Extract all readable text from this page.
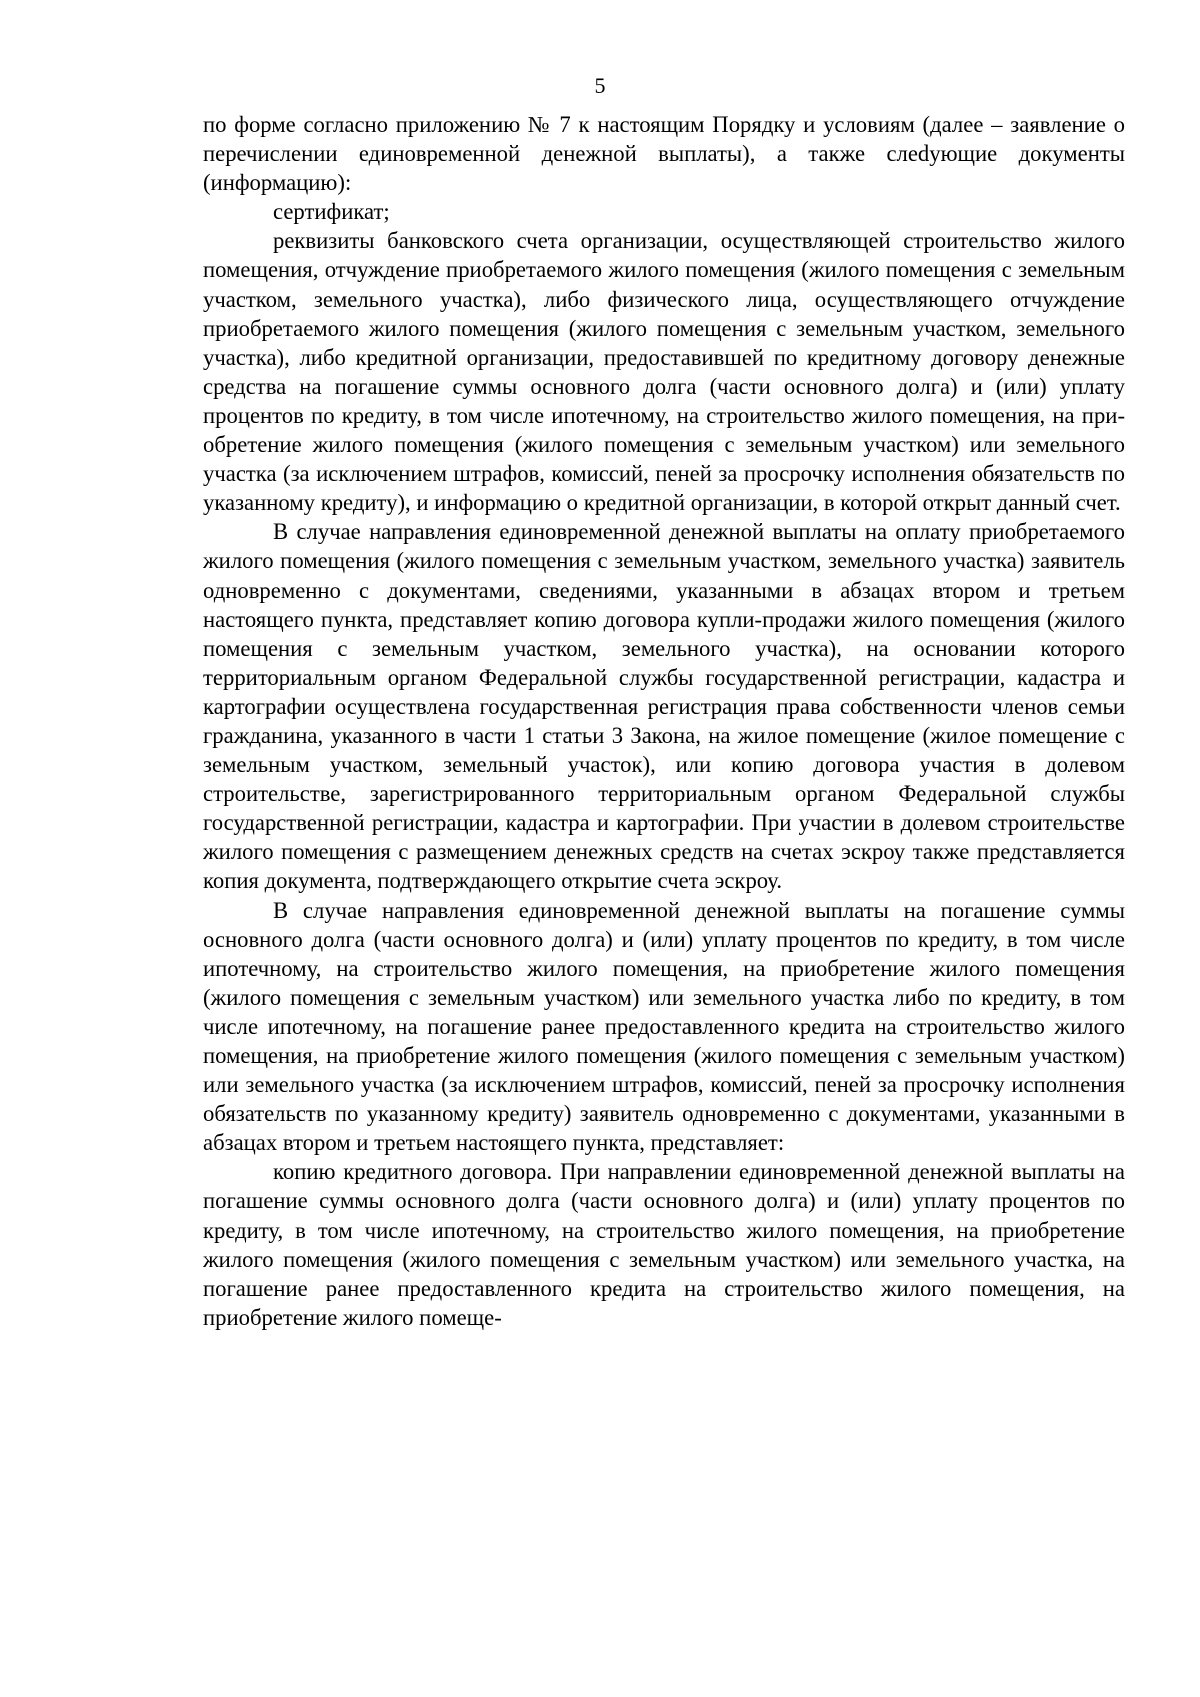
5

по форме согласно приложению № 7 к настоящим Порядку и условиям (далее – заявление о перечислении единовременной денежной выплаты), а также слеdующие документы (информацию):

сертификат;

реквизиты банковского счета организации, осуществляющей строительство жилого помещения, отчуждение приобретаемого жилого помещения (жилого помещения с земельным участком, земельного участка), либо физического лица, осуществляющего отчуждение приобретаемого жилого помещения (жилого помещения с земельным участком, земельного участка), либо кредитной организации, предоставившей по кредитному договору денежные средства на погашение суммы основного долга (части основного долга) и (или) уплату процентов по кредиту, в том числе ипотечному, на строительство жилого помещения, на приобретение жилого помещения (жилого помещения с земельным участком) или земельного участка (за исключением штрафов, комиссий, пеней за просрочку исполнения обязательств по указанному кредиту), и информацию о кредитной организации, в которой открыт данный счет.

В случае направления единовременной денежной выплаты на оплату приобретаемого жилого помещения (жилого помещения с земельным участком, земельного участка) заявитель одновременно с документами, сведениями, указанными в абзацах втором и третьем настоящего пункта, представляет копию договора купли-продажи жилого помещения (жилого помещения с земельным участком, земельного участка), на основании которого территориальным органом Федеральной службы государственной регистрации, кадастра и картографии осуществлена государственная регистрация права собственности членов семьи гражданина, указанного в части 1 статьи 3 Закона, на жилое помещение (жилое помещение с земельным участком, земельный участок), или копию договора участия в долевом строительстве, зарегистрированного территориальным органом Федеральной службы государственной регистрации, кадастра и картографии. При участии в долевом строительстве жилого помещения с размещением денежных средств на счетах эскроу также представляется копия документа, подтверждающего открытие счета эскроу.

В случае направления единовременной денежной выплаты на погашение суммы основного долга (части основного долга) и (или) уплату процентов по кредиту, в том числе ипотечному, на строительство жилого помещения, на приобретение жилого помещения (жилого помещения с земельным участком) или земельного участка либо по кредиту, в том числе ипотечному, на погашение ранее предоставленного кредита на строительство жилого помещения, на приобретение жилого помещения (жилого помещения с земельным участком) или земельного участка (за исключением штрафов, комиссий, пеней за просрочку исполнения обязательств по указанному кредиту) заявитель одновременно с документами, указанными в абзацах втором и третьем настоящего пункта, представляет:

копию кредитного договора. При направлении единовременной денежной выплаты на погашение суммы основного долга (части основного долга) и (или) уплату процентов по кредиту, в том числе ипотечному, на строительство жилого помещения, на приобретение жилого помещения (жилого помещения с земельным участком) или земельного участка, на погашение ранее предоставленного кредита на строительство жилого помещения, на приобретение жилого помеще-
